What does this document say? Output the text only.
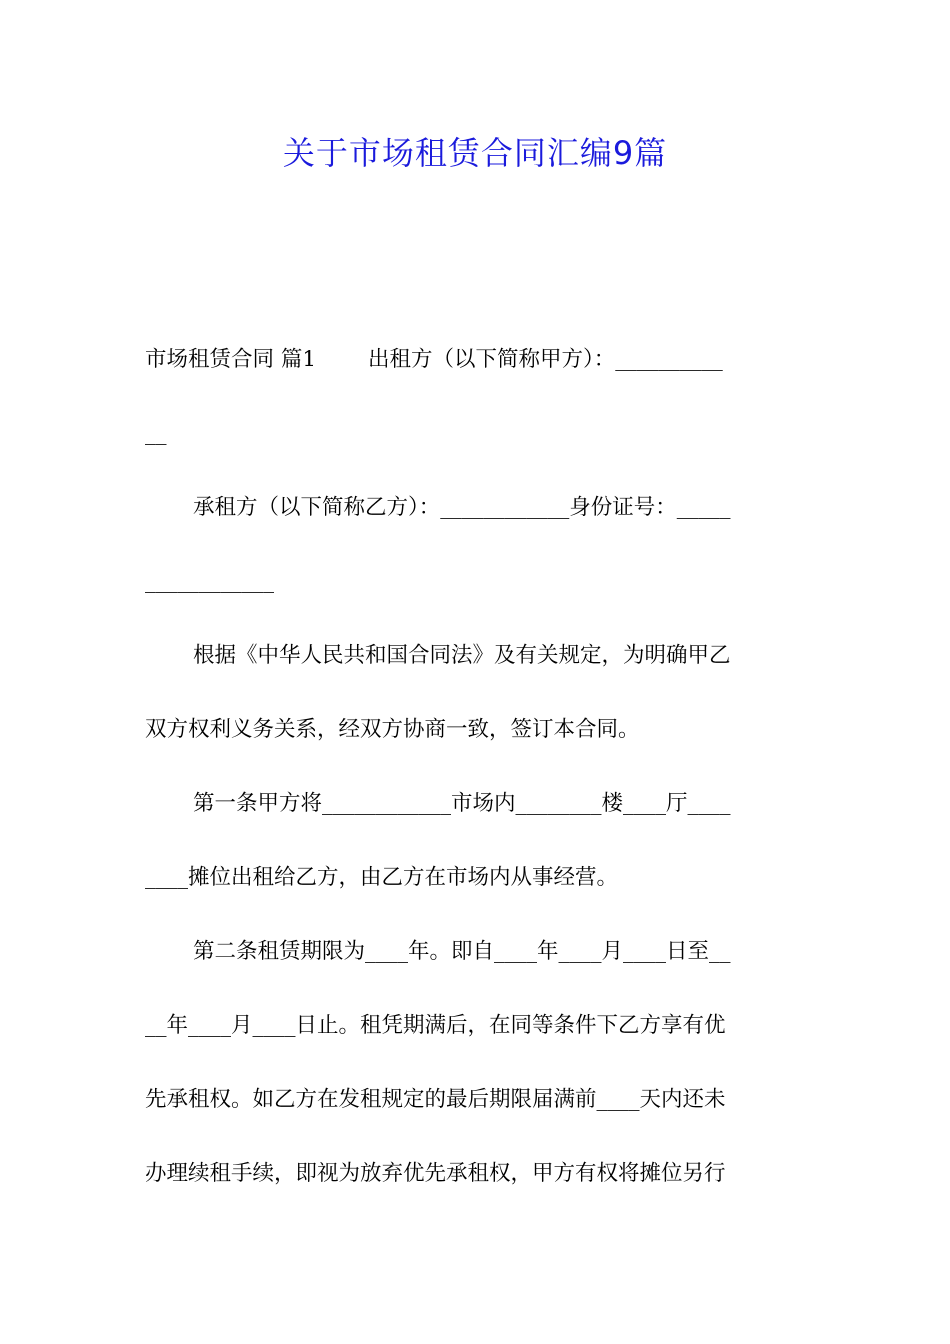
关于市场租赁合同汇编9篇
市场租赁合同 篇1 出租方（以下简称甲方）：__________
__
承租方（以下简称乙方）：____________身份证号：_____
____________
根据《中华人民共和国合同法》及有关规定，为明确甲乙
双方权利义务关系，经双方协商一致，签订本合同。
第一条甲方将____________市场内________楼____厅____
____摊位出租给乙方，由乙方在市场内从事经营。
第二条租赁期限为____年。即自____年____月____日至__
__年____月____日止。租凭期满后，在同等条件下乙方享有优
先承租权。如乙方在发租规定的最后期限届满前____天内还未
办理续租手续，即视为放弃优先承租权，甲方有权将摊位另行
